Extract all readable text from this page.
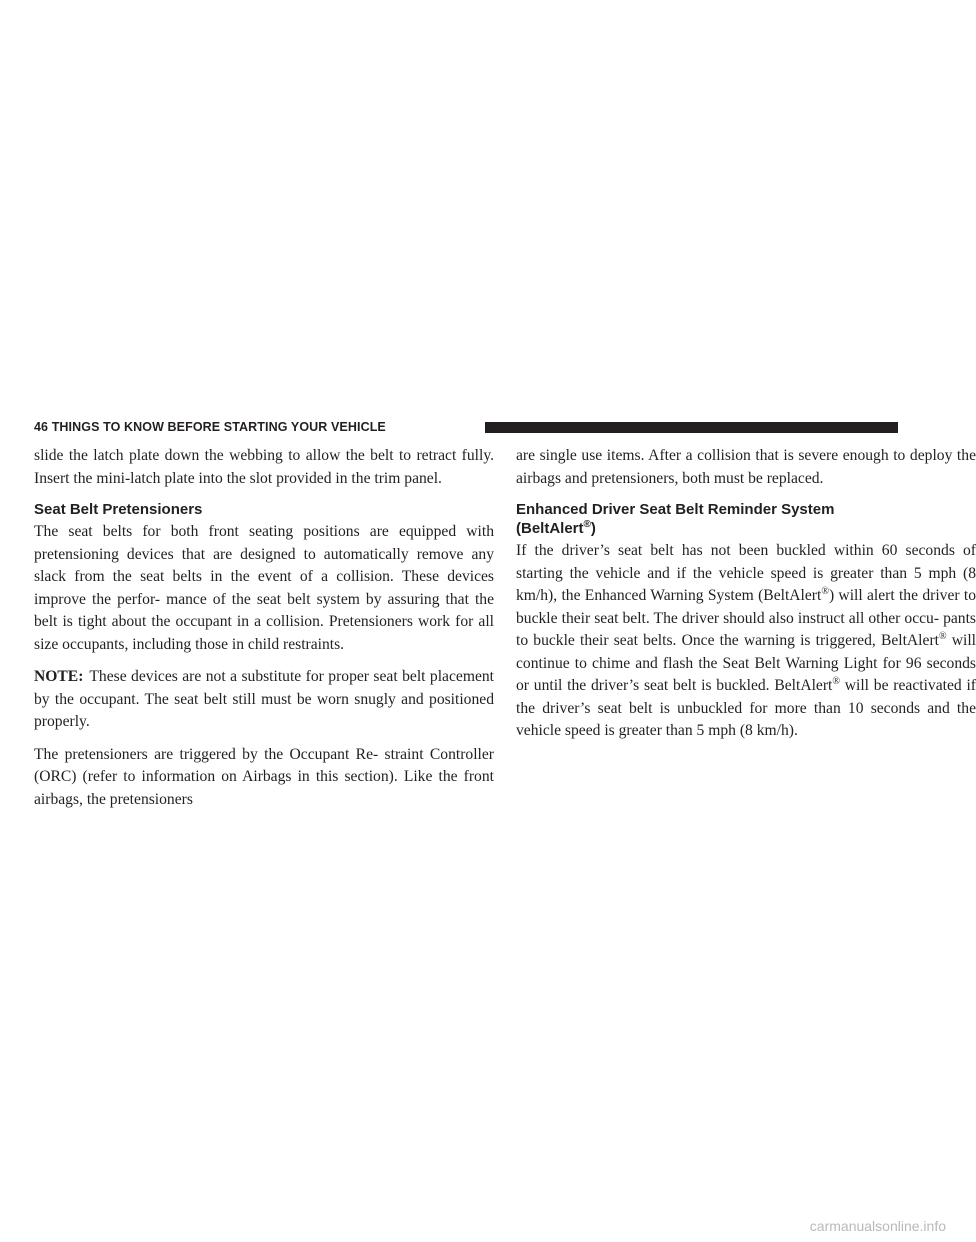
46 THINGS TO KNOW BEFORE STARTING YOUR VEHICLE

slide the latch plate down the webbing to allow the belt to retract fully. Insert the mini-latch plate into the slot provided in the trim panel.

Seat Belt Pretensioners

The seat belts for both front seating positions are equipped with pretensioning devices that are designed to automatically remove any slack from the seat belts in the event of a collision. These devices improve the perfor- mance of the seat belt system by assuring that the belt is tight about the occupant in a collision. Pretensioners work for all size occupants, including those in child restraints.

NOTE: These devices are not a substitute for proper seat belt placement by the occupant. The seat belt still must be worn snugly and positioned properly.

The pretensioners are triggered by the Occupant Re- straint Controller (ORC) (refer to information on Airbags in this section). Like the front airbags, the pretensioners

are single use items. After a collision that is severe enough to deploy the airbags and pretensioners, both must be replaced.

Enhanced Driver Seat Belt Reminder System
(BeltAlert®)

If the driver’s seat belt has not been buckled within 60 seconds of starting the vehicle and if the vehicle speed is greater than 5 mph (8 km/h), the Enhanced Warning System (BeltAlert®) will alert the driver to buckle their seat belt. The driver should also instruct all other occu- pants to buckle their seat belts. Once the warning is triggered, BeltAlert® will continue to chime and flash the Seat Belt Warning Light for 96 seconds or until the driver’s seat belt is buckled. BeltAlert® will be reactivated if the driver’s seat belt is unbuckled for more than 10 seconds and the vehicle speed is greater than 5 mph (8 km/h).

carmanualsonline.info
